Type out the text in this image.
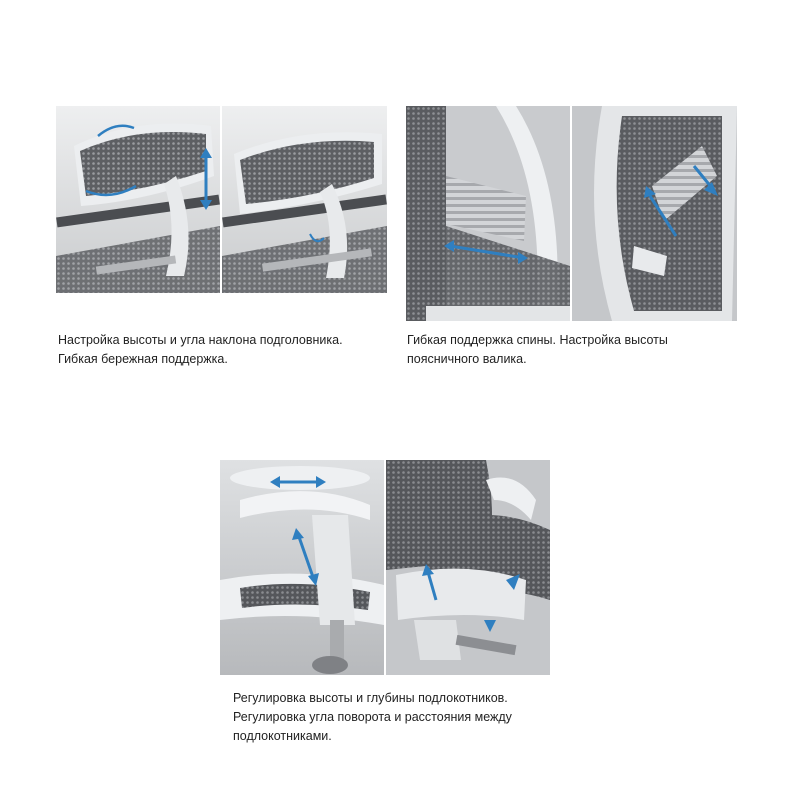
Настройка высоты и угла наклона подголовника.
Гибкая бережная поддержка.
Гибкая поддержка спины. Настройка высоты
поясничного валика.
Регулировка высоты и глубины подлокотников.
Регулировка угла поворота и расстояния между
подлокотниками.
